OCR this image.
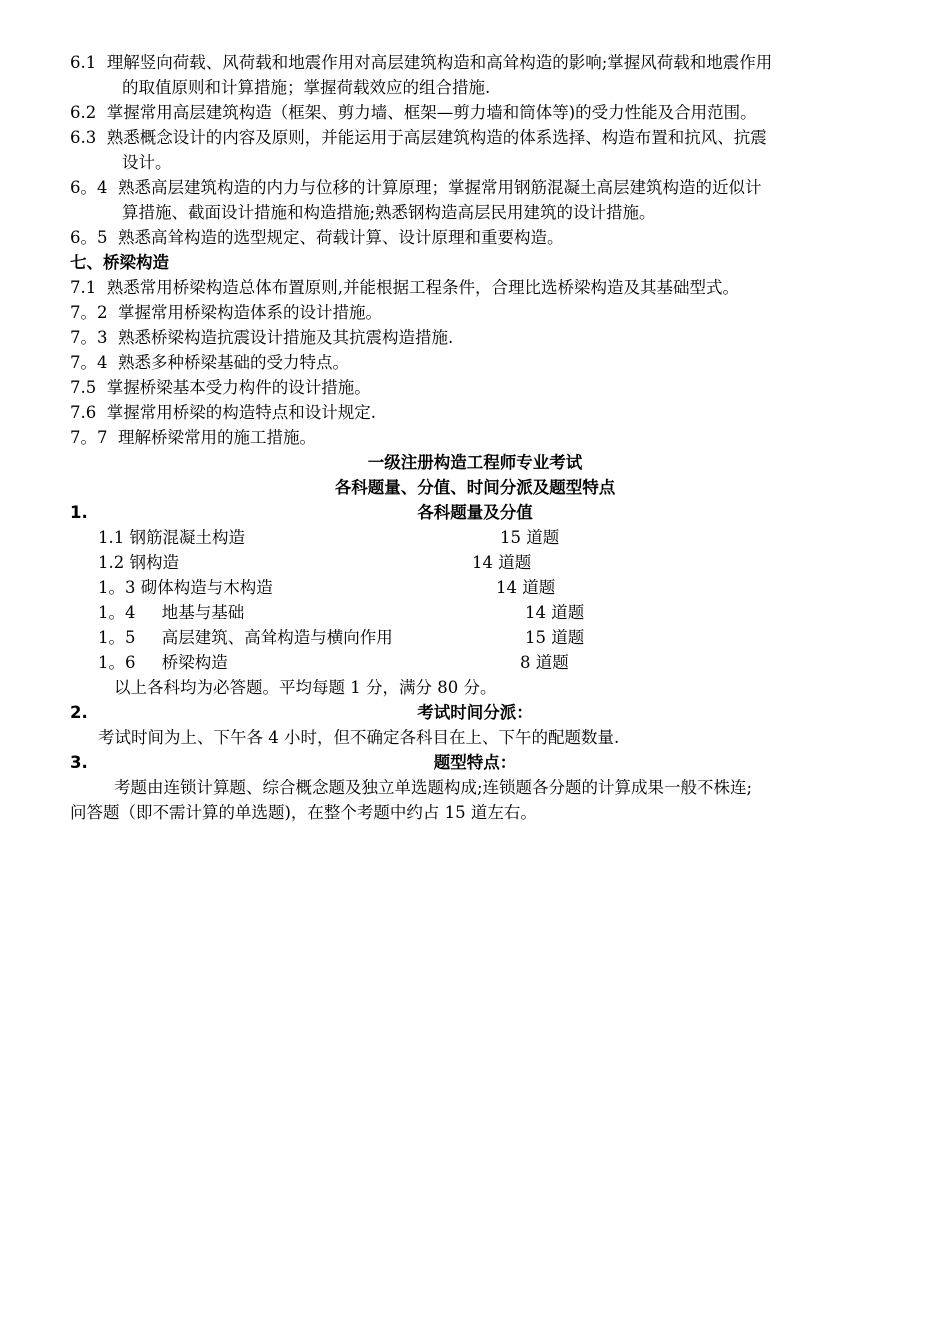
6.1 理解竖向荷载、风荷载和地震作用对高层建筑构造和高耸构造的影响;掌握风荷载和地震作用
的取值原则和计算措施；掌握荷载效应的组合措施.
6.2 掌握常用高层建筑构造（框架、剪力墙、框架—剪力墙和筒体等)的受力性能及合用范围。
6.3 熟悉概念设计的内容及原则，并能运用于高层建筑构造的体系选择、构造布置和抗风、抗震
设计。
6。4 熟悉高层建筑构造的内力与位移的计算原理；掌握常用钢筋混凝土高层建筑构造的近似计
算措施、截面设计措施和构造措施;熟悉钢构造高层民用建筑的设计措施。
6。5 熟悉高耸构造的选型规定、荷载计算、设计原理和重要构造。
七、桥梁构造
7.1 熟悉常用桥梁构造总体布置原则,并能根据工程条件，合理比选桥梁构造及其基础型式。
7。2 掌握常用桥梁构造体系的设计措施。
7。3 熟悉桥梁构造抗震设计措施及其抗震构造措施.
7。4 熟悉多种桥梁基础的受力特点。
7.5 掌握桥梁基本受力构件的设计措施。
7.6 掌握常用桥梁的构造特点和设计规定.
7。7 理解桥梁常用的施工措施。
一级注册构造工程师专业考试
各科题量、分值、时间分派及题型特点
1.	各科题量及分值
1.1 钢筋混凝土构造	15 道题
1.2 钢构造	14 道题
1。3 砌体构造与木构造	14 道题
1。4 地基与基础	14 道题
1。5 高层建筑、高耸构造与横向作用	15 道题
1。6 桥梁构造	8 道题
以上各科均为必答题。平均每题 1 分，满分 80 分。
2.	考试时间分派：
考试时间为上、下午各 4 小时，但不确定各科目在上、下午的配题数量.
3.	题型特点：
考题由连锁计算题、综合概念题及独立单选题构成;连锁题各分题的计算成果一般不株连;
问答题（即不需计算的单选题)，在整个考题中约占 15 道左右。
